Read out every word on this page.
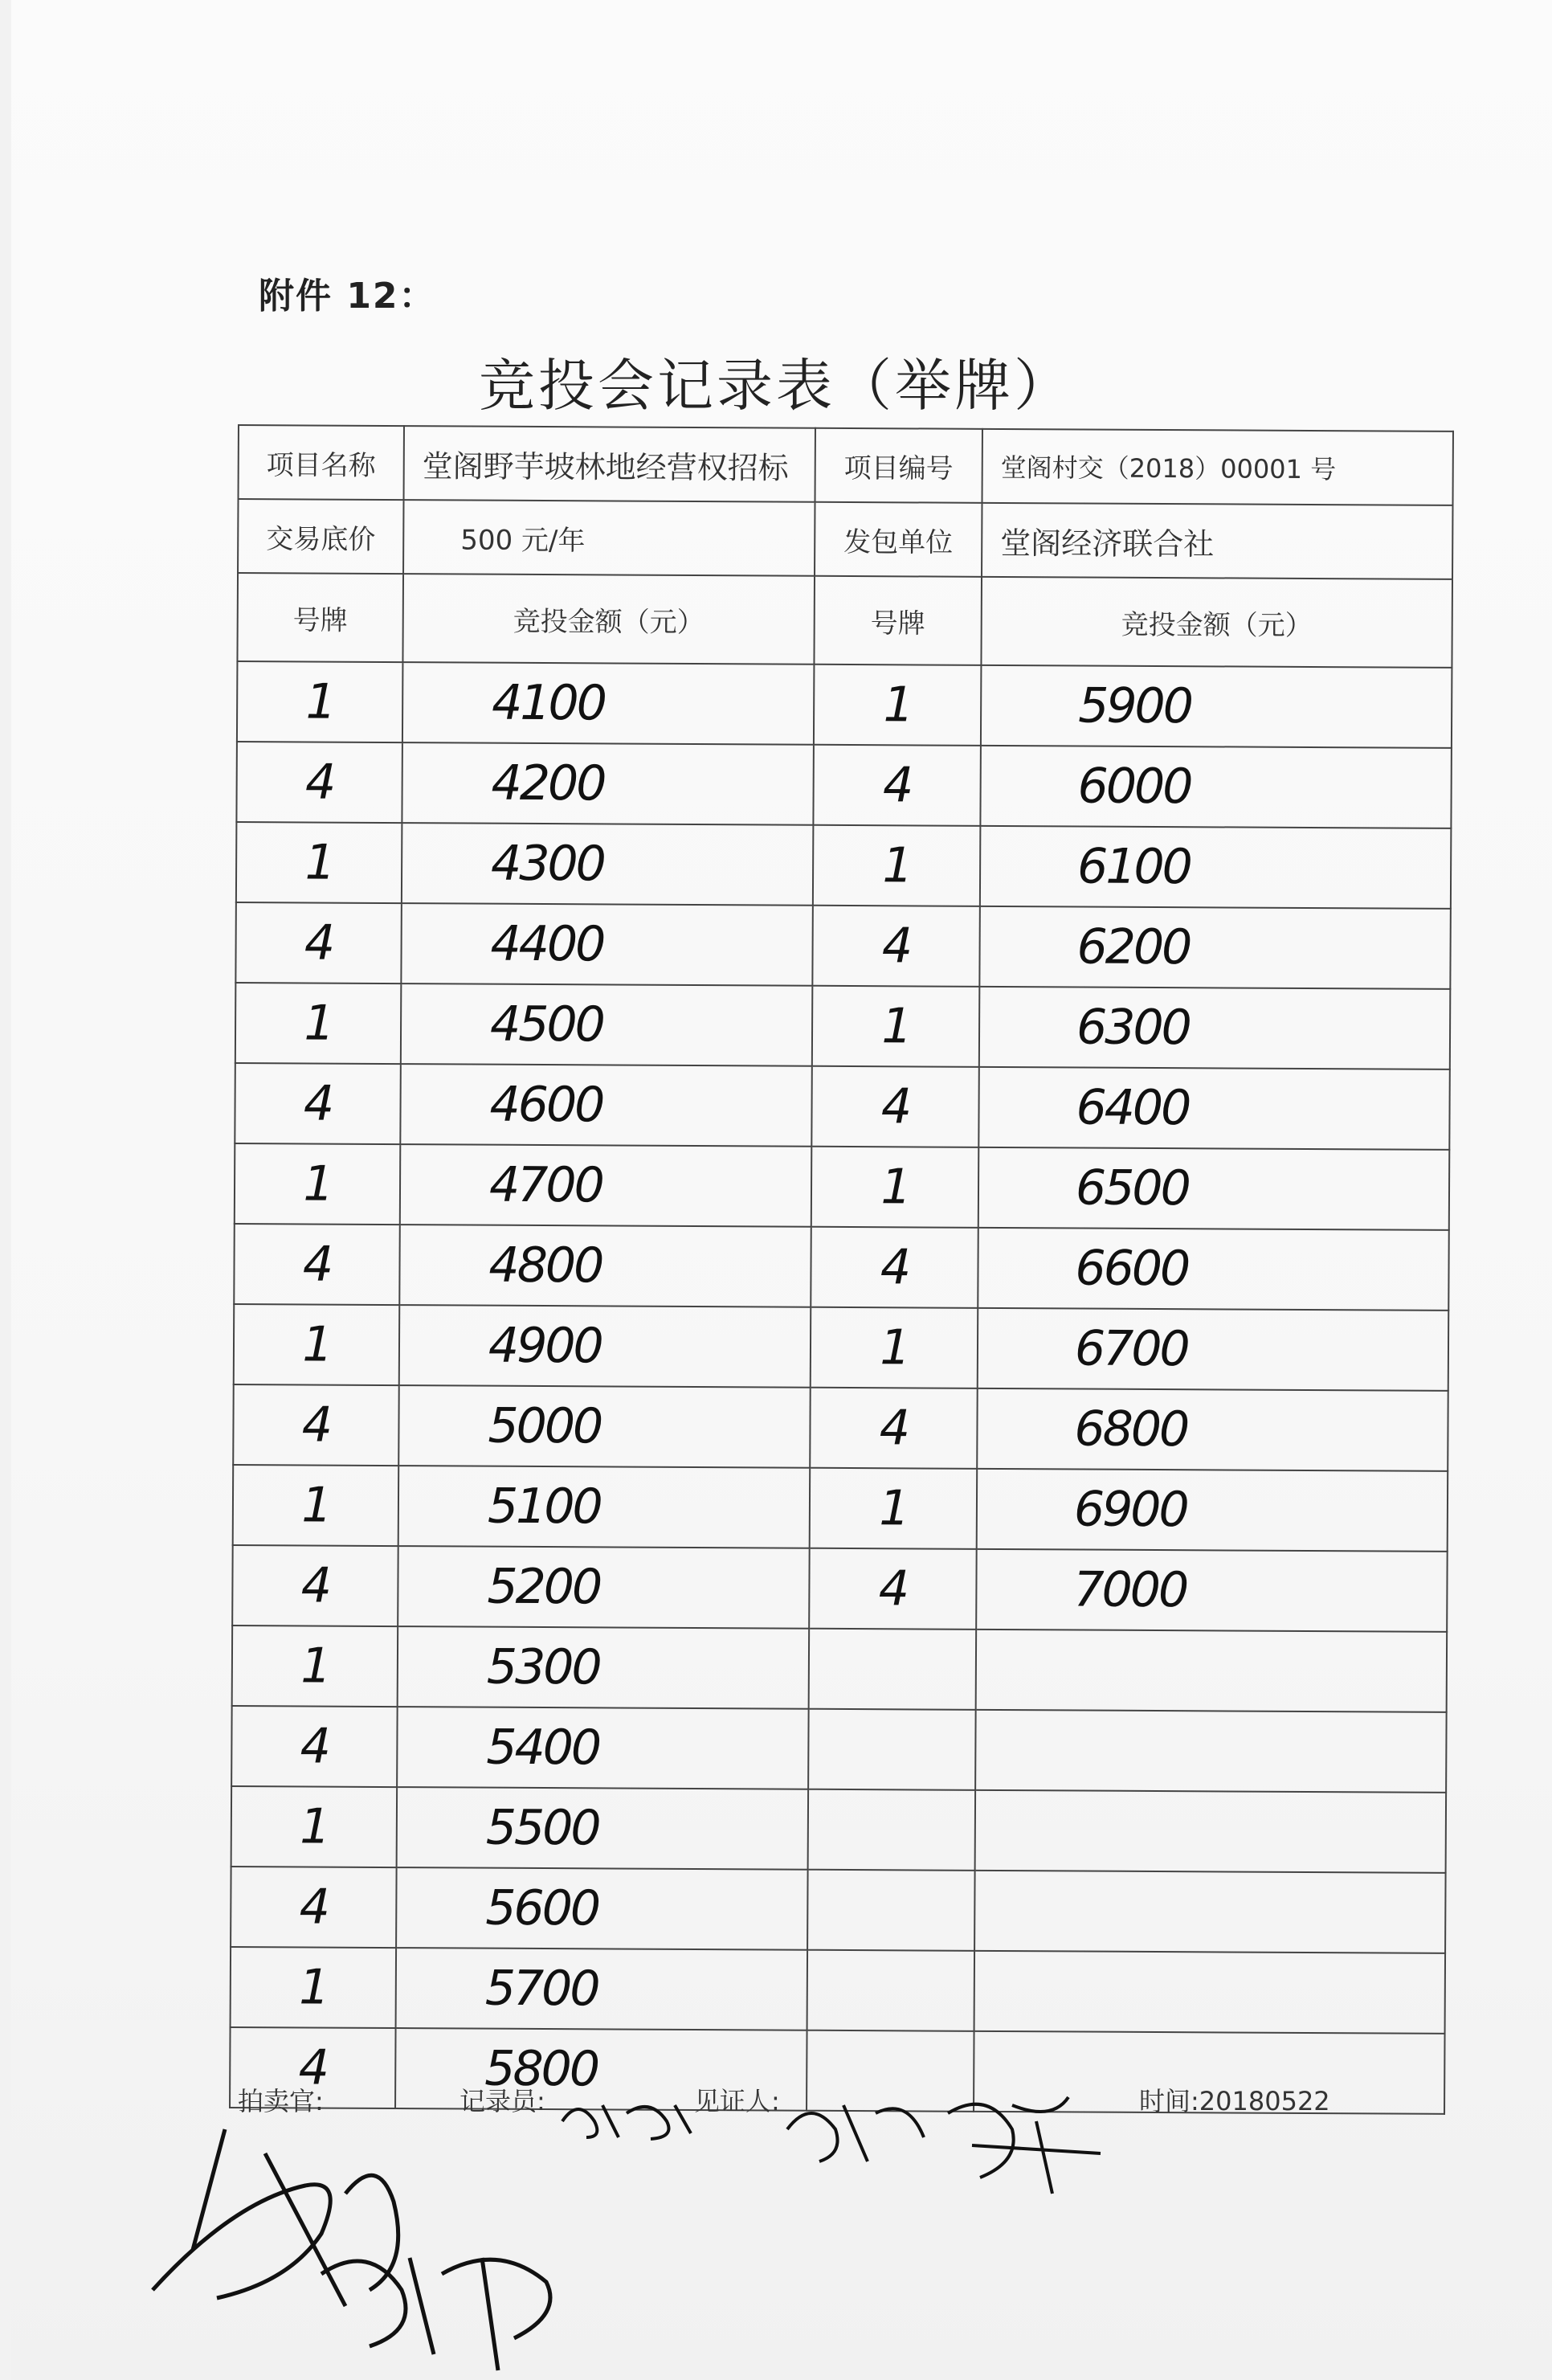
附件 12：
竞投会记录表（举牌）
项目名称	堂阁野芋坡林地经营权招标	项目编号	堂阁村交（2018）00001 号
交易底价	500 元/年	发包单位	堂阁经济联合社
号牌	竞投金额（元）	号牌	竞投金额（元）
1	4100	1	5900
4	4200	4	6000
1	4300	1	6100
4	4400	4	6200
1	4500	1	6300
4	4600	4	6400
1	4700	1	6500
4	4800	4	6600
1	4900	1	6700
4	5000	4	6800
1	5100	1	6900
4	5200	4	7000
1	5300		
4	5400		
1	5500		
4	5600		
1	5700		
4	5800		
拍卖官:	记录员:	见证人:	时间:20180522
